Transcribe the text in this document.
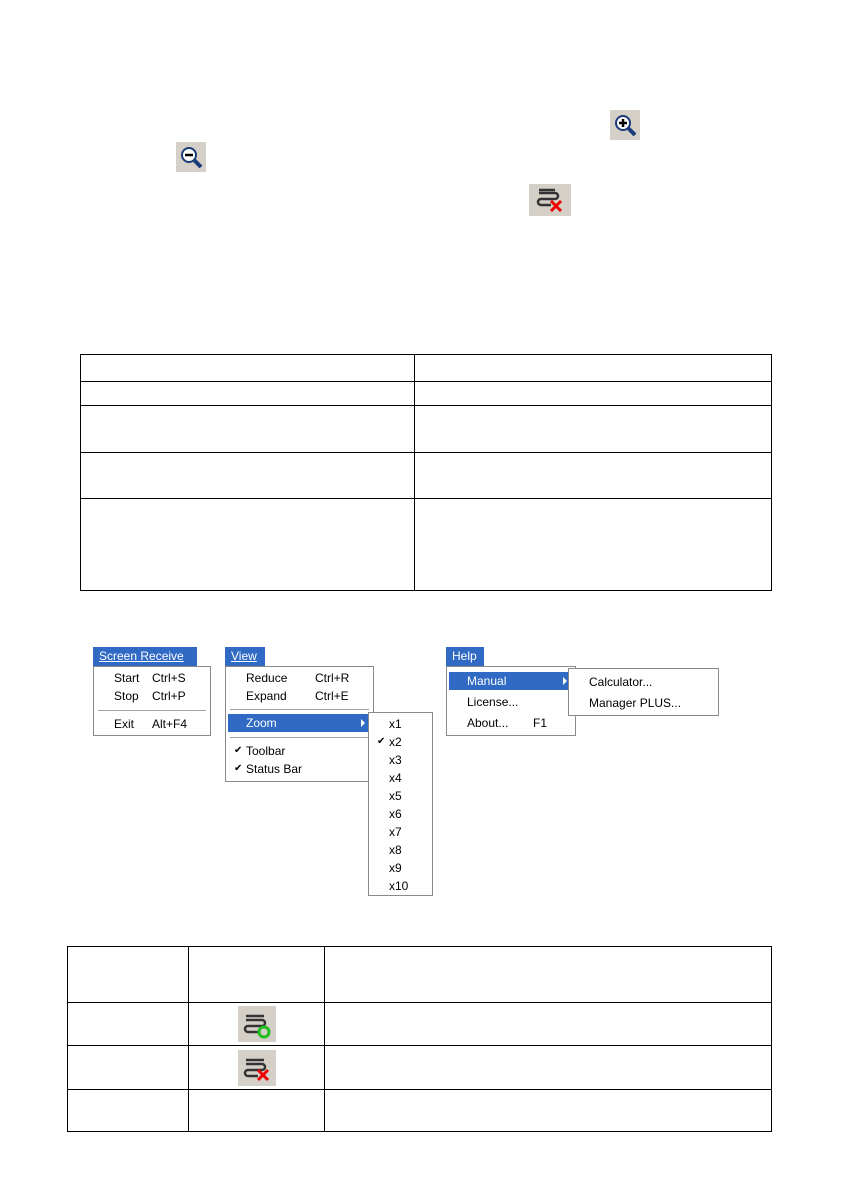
Screen Receive
Start Ctrl+S
Stop Ctrl+P
Exit Alt+F4
View
Reduce Ctrl+R
Expand Ctrl+E
Zoom
✔ Toolbar
✔ Status Bar
x1
✔ x2
x3
x4
x5
x6
x7
x8
x9
x10
Help
Manual
License...
About... F1
Calculator...
Manager PLUS...
